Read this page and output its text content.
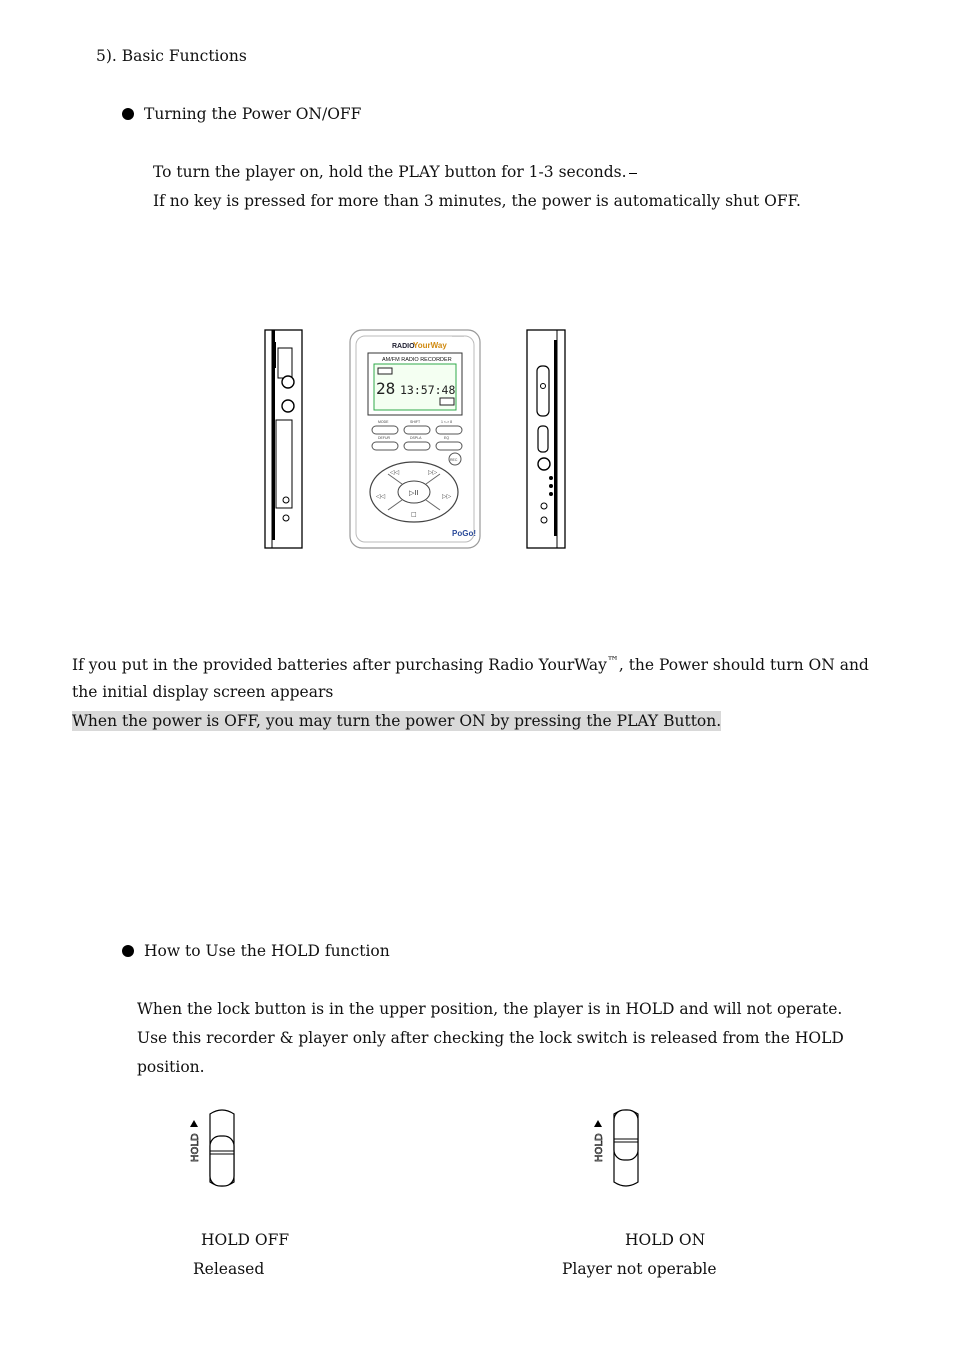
5). Basic Functions
Turning the Power ON/OFF
To turn the player on, hold the PLAY button for 1-3 seconds.
If no key is pressed for more than 3 minutes, the power is automatically shut OFF.
RADIO
YourWay
AM/FM RADIO RECORDER
28 13:57:48
MODE	SHIFT	1 <-> 8
DEFUR	DSPLA	EQ
REC
▷II
◁◁	▷▷
◁◁	▷▷
□
PoGo!
If you put in the provided batteries after purchasing Radio YourWay™, the Power should turn ON and
the initial display screen appears
When the power is OFF, you may turn the power ON by pressing the PLAY Button.
How to Use the HOLD function
When the lock button is in the upper position, the player is in HOLD and will not operate.
Use this recorder & player only after checking the lock switch is released from the HOLD
position.
HOLD	HOLD
HOLD OFF
Released
HOLD ON
Player not operable
